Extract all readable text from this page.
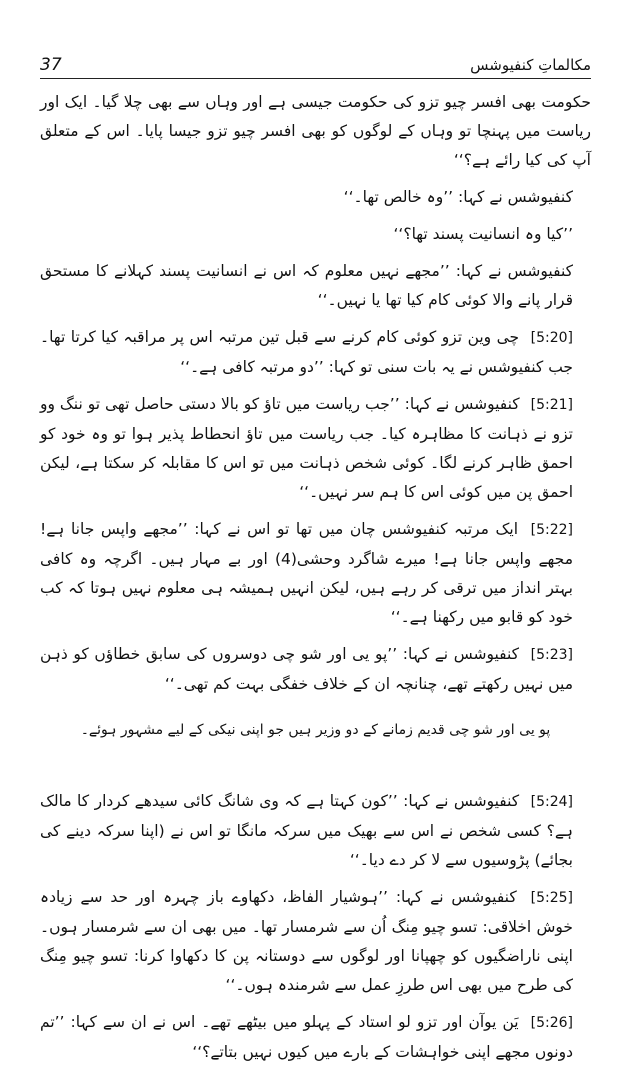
37	مکالماتِ کنفیوشس

حکومت بھی افسر چیو تزو کی حکومت جیسی ہے اور وہاں سے بھی چلا گیا۔ ایک اور ریاست میں پہنچا تو وہاں کے لوگوں کو بھی افسر چیو تزو جیسا پایا۔ اس کے متعلق آپ کی کیا رائے ہے؟‘‘

کنفیوشس نے کہا: ’’وہ خالص تھا۔‘‘

’’کیا وہ انسانیت پسند تھا؟‘‘

کنفیوشس نے کہا: ’’مجھے نہیں معلوم کہ اس نے انسانیت پسند کہلانے کا مستحق قرار پانے والا کوئی کام کیا تھا یا نہیں۔‘‘

[5:20] چی وین تزو کوئی کام کرنے سے قبل تین مرتبہ اس پر مراقبہ کیا کرتا تھا۔ جب کنفیوشس نے یہ بات سنی تو کہا: ’’دو مرتبہ کافی ہے۔‘‘

[5:21] کنفیوشس نے کہا: ’’جب ریاست میں تاؤ کو بالا دستی حاصل تھی تو ننگ وو تزو نے ذہانت کا مظاہرہ کیا۔ جب ریاست میں تاؤ انحطاط پذیر ہوا تو وہ خود کو احمق ظاہر کرنے لگا۔ کوئی شخص ذہانت میں تو اس کا مقابلہ کر سکتا ہے، لیکن احمق پن میں کوئی اس کا ہم سر نہیں۔‘‘

[5:22] ایک مرتبہ کنفیوشس چان میں تھا تو اس نے کہا: ’’مجھے واپس جانا ہے! مجھے واپس جانا ہے! میرے شاگرد وحشی(4) اور بے مہار ہیں۔ اگرچہ وہ کافی بہتر انداز میں ترقی کر رہے ہیں، لیکن انہیں ہمیشہ ہی معلوم نہیں ہوتا کہ کب خود کو قابو میں رکھنا ہے۔‘‘

[5:23] کنفیوشس نے کہا: ’’پو یی اور شو چی دوسروں کی سابق خطاؤں کو ذہن میں نہیں رکھتے تھے، چنانچہ ان کے خلاف خفگی بہت کم تھی۔‘‘

پو یی اور شو چی قدیم زمانے کے دو وزیر ہیں جو اپنی نیکی کے لیے مشہور ہوئے۔

[5:24] کنفیوشس نے کہا: ’’کون کہتا ہے کہ وی شانگ کائی سیدھے کردار کا مالک ہے؟ کسی شخص نے اس سے بھیک میں سرکہ مانگا تو اس نے (اپنا سرکہ دینے کی بجائے) پڑوسیوں سے لا کر دے دیا۔‘‘

[5:25] کنفیوشس نے کہا: ’’ہوشیار الفاظ، دکھاوے باز چہرہ اور حد سے زیادہ خوش اخلاقی: تسو چیو مِنگ اُن سے شرمسار تھا۔ میں بھی ان سے شرمسار ہوں۔ اپنی ناراضگیوں کو چھپانا اور لوگوں سے دوستانہ پن کا دکھاوا کرنا: تسو چیو مِنگ کی طرح میں بھی اس طرزِ عمل سے شرمندہ ہوں۔‘‘

[5:26] یَن یوآن اور تزو لو استاد کے پہلو میں بیٹھے تھے۔ اس نے ان سے کہا: ’’تم دونوں مجھے اپنی خواہشات کے بارے میں کیوں نہیں بتاتے؟‘‘
